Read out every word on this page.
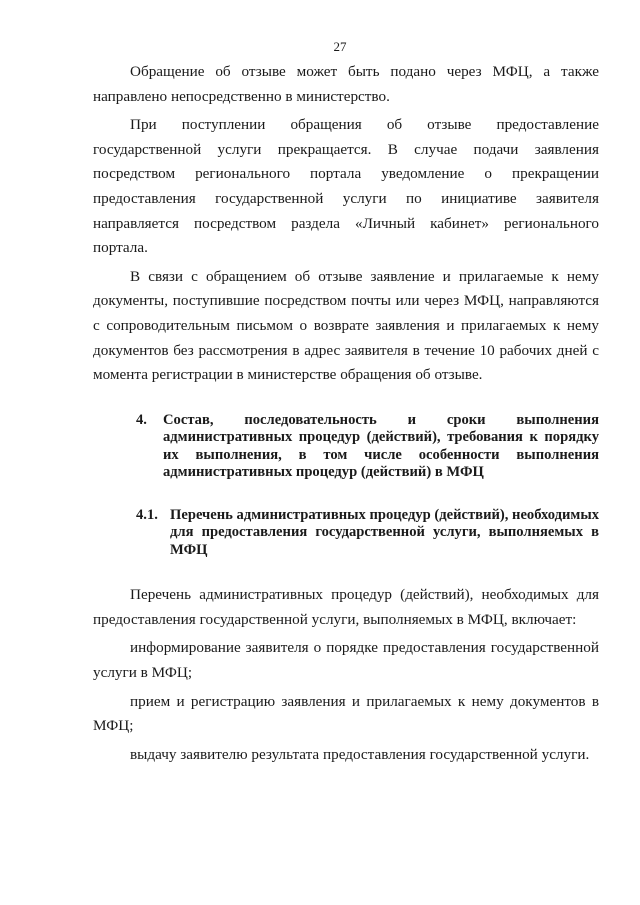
27

Обращение об отзыве может быть подано через МФЦ, а также направлено непосредственно в министерство.

При поступлении обращения об отзыве предоставление государственной услуги прекращается. В случае подачи заявления посредством регионального портала уведомление о прекращении предоставления государственной услуги по инициативе заявителя направляется посредством раздела «Личный кабинет» регионального портала.

В связи с обращением об отзыве заявление и прилагаемые к нему документы, поступившие посредством почты или через МФЦ, направляются с сопроводительным письмом о возврате заявления и прилагаемых к нему документов без рассмотрения в адрес заявителя в течение 10 рабочих дней с момента регистрации в министерстве обращения об отзыве.

4.	Состав, последовательность и сроки выполнения административных процедур (действий), требования к порядку их выполнения, в том числе особенности выполнения административных процедур (действий) в МФЦ
4.1. Перечень административных процедур (действий), необходимых для предоставления государственной услуги, выполняемых в МФЦ

Перечень административных процедур (действий), необходимых для предоставления государственной услуги, выполняемых в МФЦ, включает:

информирование заявителя о порядке предоставления государственной услуги в МФЦ;

прием и регистрацию заявления и прилагаемых к нему документов в МФЦ;

выдачу заявителю результата предоставления государственной услуги.
